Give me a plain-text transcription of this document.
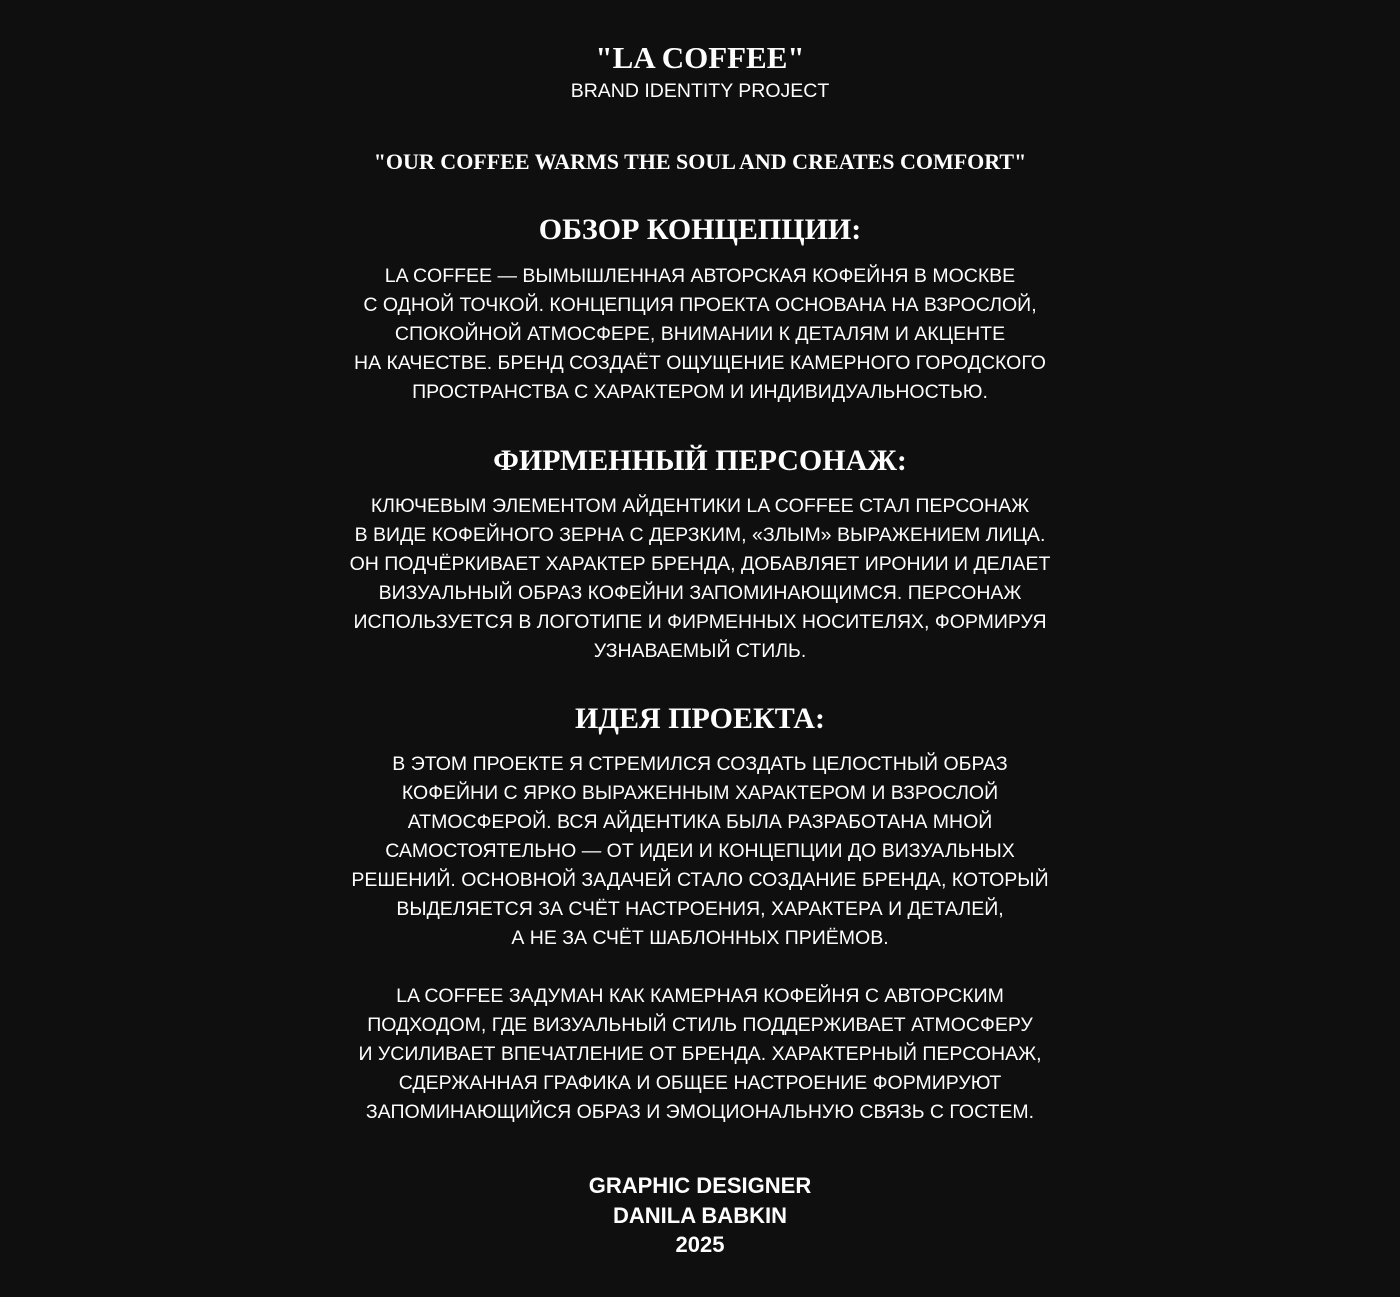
"LA COFFEE"
BRAND IDENTITY PROJECT
"OUR COFFEE WARMS THE SOUL AND CREATES COMFORT"
ОБЗОР КОНЦЕПЦИИ:
LA COFFEE — ВЫМЫШЛЕННАЯ АВТОРСКАЯ КОФЕЙНЯ В МОСКВЕ
С ОДНОЙ ТОЧКОЙ. КОНЦЕПЦИЯ ПРОЕКТА ОСНОВАНА НА ВЗРОСЛОЙ,
СПОКОЙНОЙ АТМОСФЕРЕ, ВНИМАНИИ К ДЕТАЛЯМ И АКЦЕНТЕ
НА КАЧЕСТВЕ. БРЕНД СОЗДАЁТ ОЩУЩЕНИЕ КАМЕРНОГО ГОРОДСКОГО
ПРОСТРАНСТВА С ХАРАКТЕРОМ И ИНДИВИДУАЛЬНОСТЬЮ.
ФИРМЕННЫЙ ПЕРСОНАЖ:
КЛЮЧЕВЫМ ЭЛЕМЕНТОМ АЙДЕНТИКИ LA COFFEE СТАЛ ПЕРСОНАЖ
В ВИДЕ КОФЕЙНОГО ЗЕРНА С ДЕРЗКИМ, «ЗЛЫМ» ВЫРАЖЕНИЕМ ЛИЦА.
ОН ПОДЧЁРКИВАЕТ ХАРАКТЕР БРЕНДА, ДОБАВЛЯЕТ ИРОНИИ И ДЕЛАЕТ
ВИЗУАЛЬНЫЙ ОБРАЗ КОФЕЙНИ ЗАПОМИНАЮЩИМСЯ. ПЕРСОНАЖ
ИСПОЛЬЗУЕТСЯ В ЛОГОТИПЕ И ФИРМЕННЫХ НОСИТЕЛЯХ, ФОРМИРУЯ
УЗНАВАЕМЫЙ СТИЛЬ.
ИДЕЯ ПРОЕКТА:
В ЭТОМ ПРОЕКТЕ Я СТРЕМИЛСЯ СОЗДАТЬ ЦЕЛОСТНЫЙ ОБРАЗ
КОФЕЙНИ С ЯРКО ВЫРАЖЕННЫМ ХАРАКТЕРОМ И ВЗРОСЛОЙ
АТМОСФЕРОЙ. ВСЯ АЙДЕНТИКА БЫЛА РАЗРАБОТАНА МНОЙ
САМОСТОЯТЕЛЬНО — ОТ ИДЕИ И КОНЦЕПЦИИ ДО ВИЗУАЛЬНЫХ
РЕШЕНИЙ. ОСНОВНОЙ ЗАДАЧЕЙ СТАЛО СОЗДАНИЕ БРЕНДА, КОТОРЫЙ
ВЫДЕЛЯЕТСЯ ЗА СЧЁТ НАСТРОЕНИЯ, ХАРАКТЕРА И ДЕТАЛЕЙ,
А НЕ ЗА СЧЁТ ШАБЛОННЫХ ПРИЁМОВ.
LA COFFEE ЗАДУМАН КАК КАМЕРНАЯ КОФЕЙНЯ С АВТОРСКИМ
ПОДХОДОМ, ГДЕ ВИЗУАЛЬНЫЙ СТИЛЬ ПОДДЕРЖИВАЕТ АТМОСФЕРУ
И УСИЛИВАЕТ ВПЕЧАТЛЕНИЕ ОТ БРЕНДА. ХАРАКТЕРНЫЙ ПЕРСОНАЖ,
СДЕРЖАННАЯ ГРАФИКА И ОБЩЕЕ НАСТРОЕНИЕ ФОРМИРУЮТ
ЗАПОМИНАЮЩИЙСЯ ОБРАЗ И ЭМОЦИОНАЛЬНУЮ СВЯЗЬ С ГОСТЕМ.
GRAPHIC DESIGNER
DANILA BABKIN
2025
